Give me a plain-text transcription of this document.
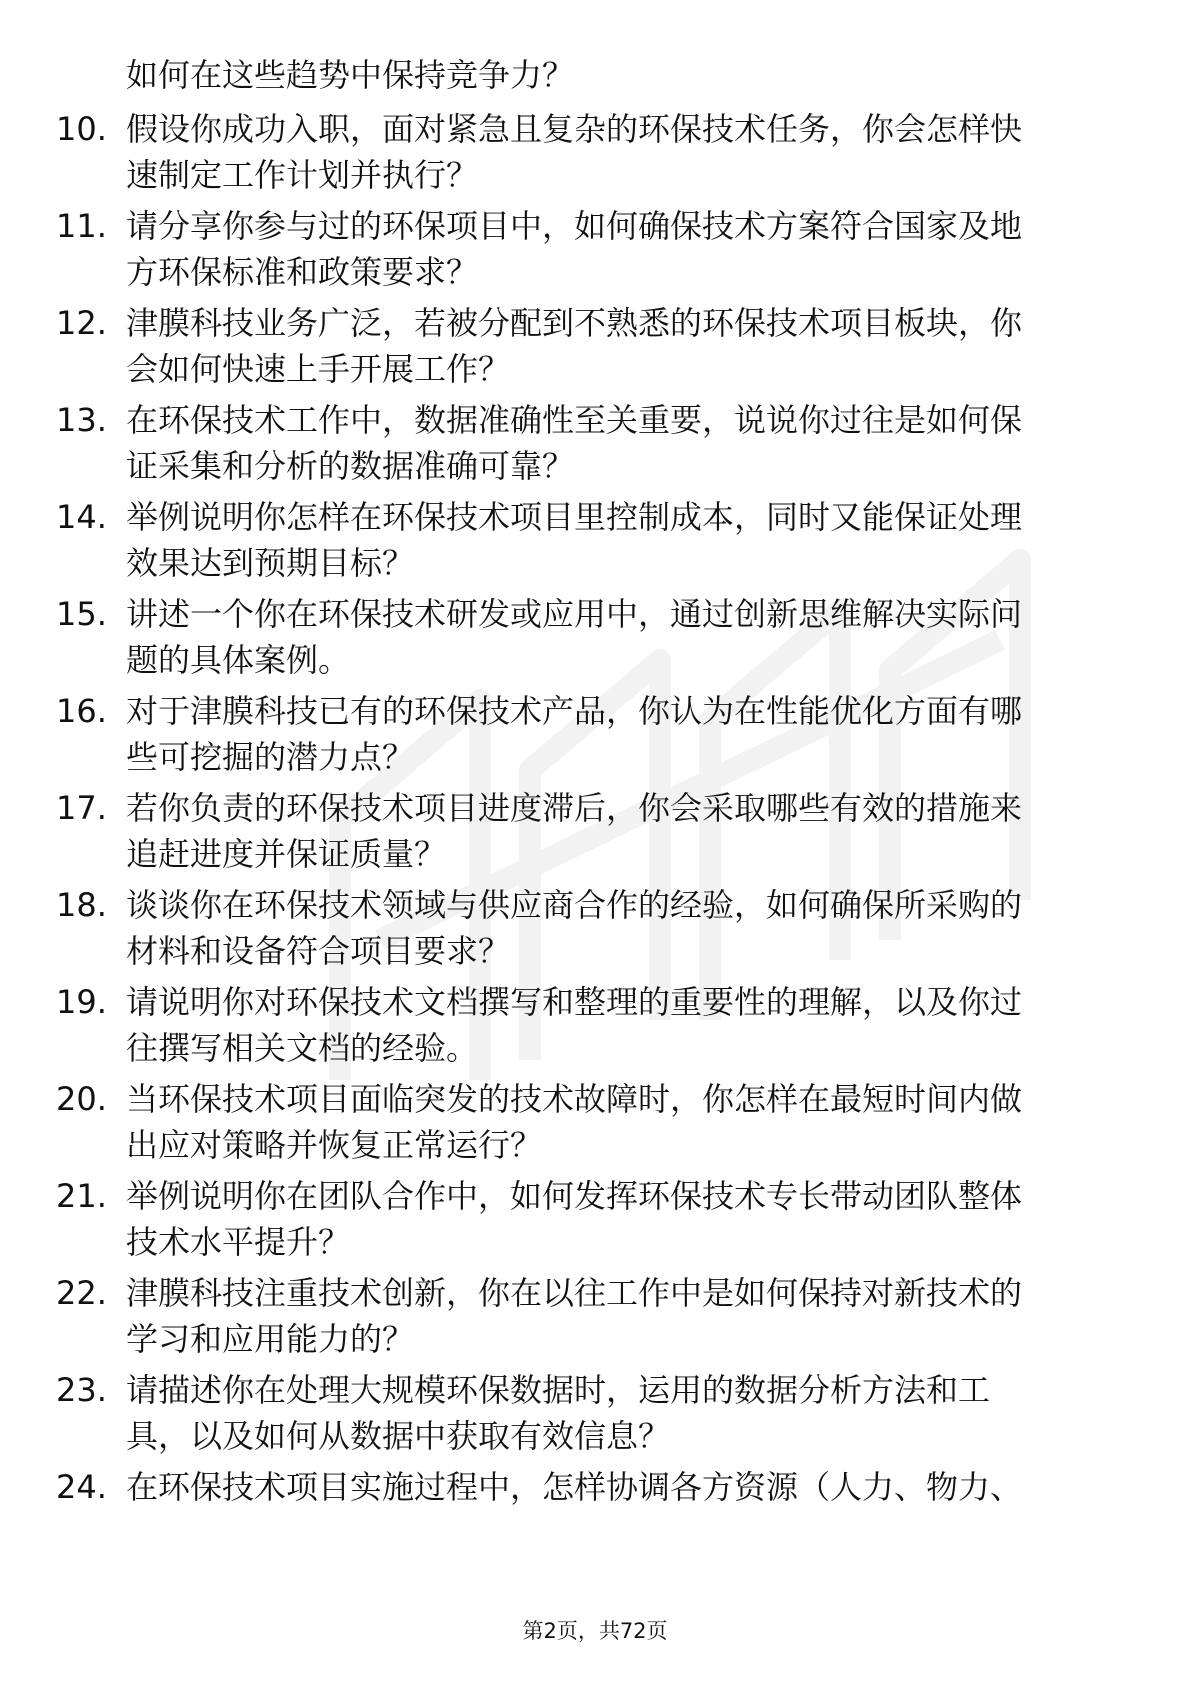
如何在这些趋势中保持竞争力？
10. 假设你成功入职，面对紧急且复杂的环保技术任务，你会怎样快
速制定工作计划并执行？
11. 请分享你参与过的环保项目中，如何确保技术方案符合国家及地
方环保标准和政策要求？
12. 津膜科技业务广泛，若被分配到不熟悉的环保技术项目板块，你
会如何快速上手开展工作？
13. 在环保技术工作中，数据准确性至关重要，说说你过往是如何保
证采集和分析的数据准确可靠？
14. 举例说明你怎样在环保技术项目里控制成本，同时又能保证处理
效果达到预期目标？
15. 讲述一个你在环保技术研发或应用中，通过创新思维解决实际问
题的具体案例。
16. 对于津膜科技已有的环保技术产品，你认为在性能优化方面有哪
些可挖掘的潜力点？
17. 若你负责的环保技术项目进度滞后，你会采取哪些有效的措施来
追赶进度并保证质量？
18. 谈谈你在环保技术领域与供应商合作的经验，如何确保所采购的
材料和设备符合项目要求？
19. 请说明你对环保技术文档撰写和整理的重要性的理解，以及你过
往撰写相关文档的经验。
20. 当环保技术项目面临突发的技术故障时，你怎样在最短时间内做
出应对策略并恢复正常运行？
21. 举例说明你在团队合作中，如何发挥环保技术专长带动团队整体
技术水平提升？
22. 津膜科技注重技术创新，你在以往工作中是如何保持对新技术的
学习和应用能力的？
23. 请描述你在处理大规模环保数据时，运用的数据分析方法和工
具，以及如何从数据中获取有效信息？
24. 在环保技术项目实施过程中，怎样协调各方资源（人力、物力、
第2页，共72页
